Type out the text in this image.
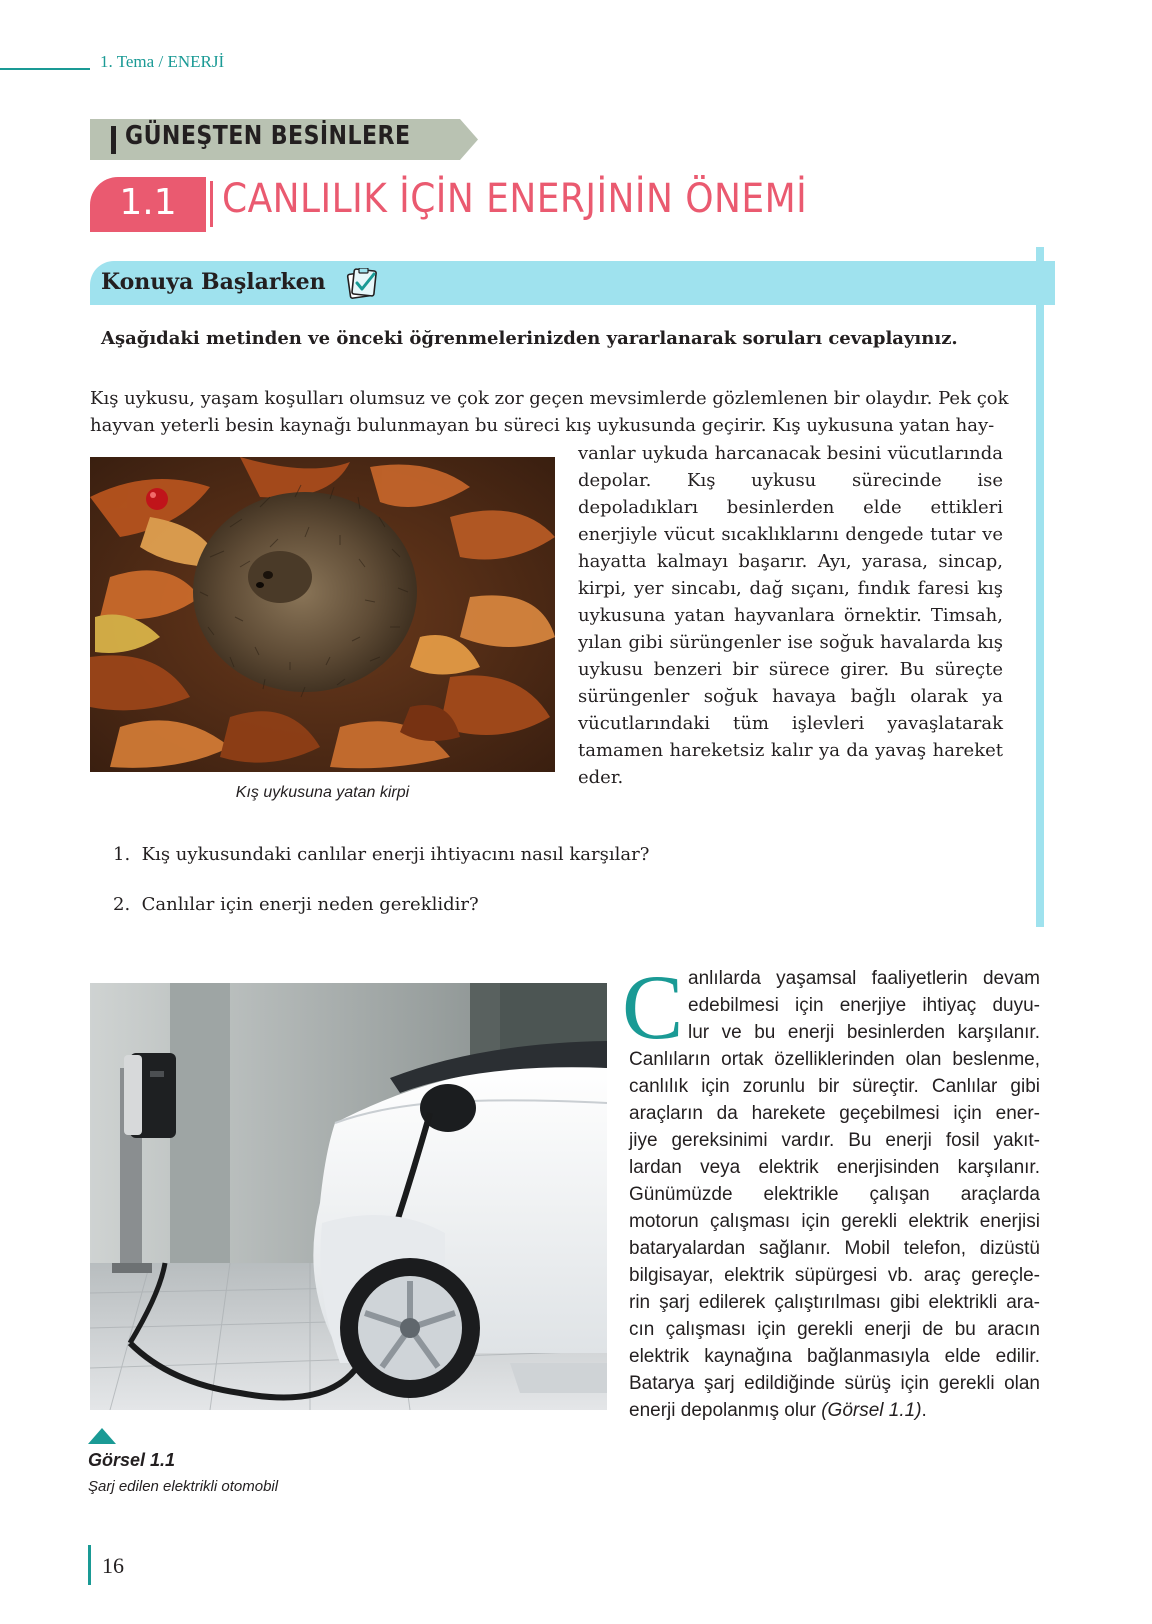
1. Tema / ENERJİ
GÜNEŞTEN BESİNLERE
1.1	CANLILIK İÇİN ENERJİNİN ÖNEMİ
Konuya Başlarken
Aşağıdaki metinden ve önceki öğrenmelerinizden yararlanarak soruları cevaplayınız.
Kış uykusu, yaşam koşulları olumsuz ve çok zor geçen mevsimlerde gözlemlenen bir olaydır. Pek çok
hayvan yeterli besin kaynağı bulunmayan bu süreci kış uykusunda geçirir. Kış uykusuna yatan hay-
vanlar uykuda harcanacak besini vücutlarında depolar. Kış uykusu sürecinde ise depoladıkları besinlerden elde ettikleri enerjiyle vücut sıcaklıklarını dengede tutar ve hayatta kalmayı başarır. Ayı, yarasa, sincap, kirpi, yer sincabı, dağ sıçanı, fındık faresi kış uykusuna yatan hayvanlara örnektir. Timsah, yılan gibi sürüngenler ise soğuk havalarda kış uykusu benzeri bir sürece girer. Bu süreçte sürüngenler soğuk havaya bağlı olarak ya vücutlarındaki tüm işlevleri yavaşlatarak tamamen hareketsiz kalır ya da yavaş hareket eder.
Kış uykusuna yatan kirpi
1. Kış uykusundaki canlılar enerji ihtiyacını nasıl karşılar?
2. Canlılar için enerji neden gereklidir?
Görsel 1.1
Şarj edilen elektrikli otomobil
C anlılarda yaşamsal faaliyetlerin devam
edebilmesi için enerjiye ihtiyaç duyu-
lur ve bu enerji besinlerden karşılanır.
Canlıların ortak özelliklerinden olan beslenme,
canlılık için zorunlu bir süreçtir. Canlılar gibi
araçların da harekete geçebilmesi için ener-
jiye gereksinimi vardır. Bu enerji fosil yakıt-
lardan veya elektrik enerjisinden karşılanır.
Günümüzde elektrikle çalışan araçlarda
motorun çalışması için gerekli elektrik enerjisi
bataryalardan sağlanır. Mobil telefon, dizüstü
bilgisayar, elektrik süpürgesi vb. araç gereçle-
rin şarj edilerek çalıştırılması gibi elektrikli ara-
cın çalışması için gerekli enerji de bu aracın
elektrik kaynağına bağlanmasıyla elde edilir.
Batarya şarj edildiğinde sürüş için gerekli olan
enerji depolanmış olur (Görsel 1.1).
16
